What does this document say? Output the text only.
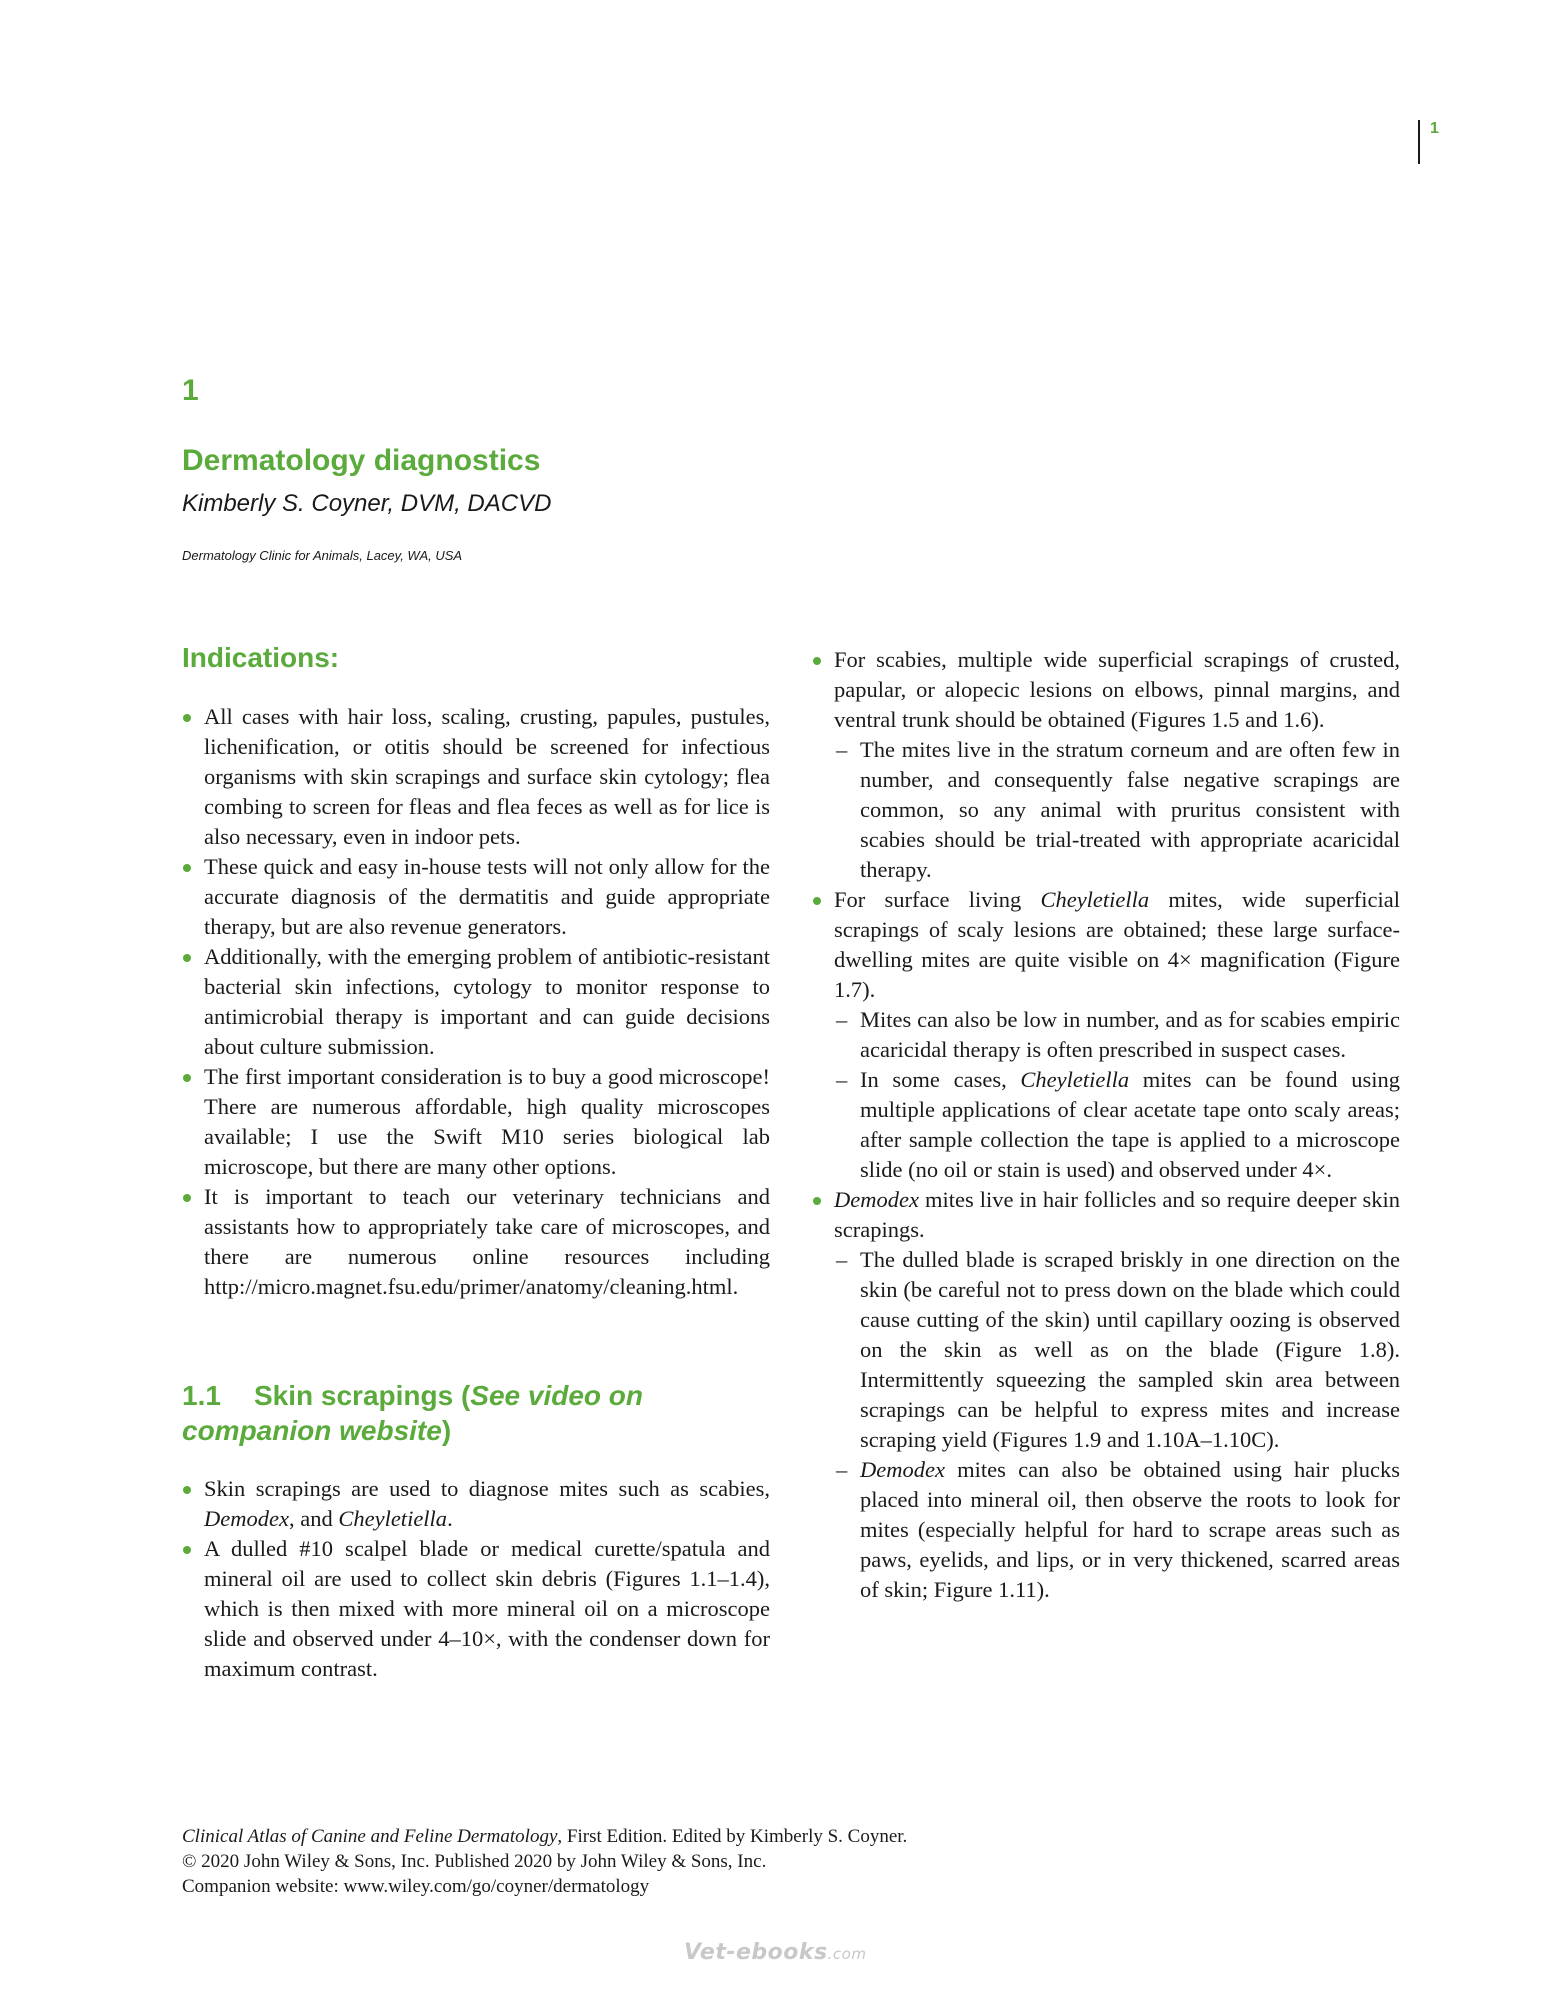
1
1
Dermatology diagnostics
Kimberly S. Coyner, DVM, DACVD
Dermatology Clinic for Animals, Lacey, WA, USA
Indications:
All cases with hair loss, scaling, crusting, papules, pustules, lichenification, or otitis should be screened for infectious organisms with skin scrapings and surface skin cytology; flea combing to screen for fleas and flea feces as well as for lice is also necessary, even in indoor pets.
These quick and easy in-house tests will not only allow for the accurate diagnosis of the dermatitis and guide appropriate therapy, but are also revenue generators.
Additionally, with the emerging problem of antibiotic-resistant bacterial skin infections, cytology to monitor response to antimicrobial therapy is important and can guide decisions about culture submission.
The first important consideration is to buy a good microscope! There are numerous affordable, high quality microscopes available; I use the Swift M10 series biological lab microscope, but there are many other options.
It is important to teach our veterinary technicians and assistants how to appropriately take care of microscopes, and there are numerous online resources including http://micro.magnet.fsu.edu/primer/anatomy/cleaning.html.
1.1 Skin scrapings (See video on companion website)
Skin scrapings are used to diagnose mites such as scabies, Demodex, and Cheyletiella.
A dulled #10 scalpel blade or medical curette/spatula and mineral oil are used to collect skin debris (Figures 1.1–1.4), which is then mixed with more mineral oil on a microscope slide and observed under 4–10×, with the condenser down for maximum contrast.
For scabies, multiple wide superficial scrapings of crusted, papular, or alopecic lesions on elbows, pinnal margins, and ventral trunk should be obtained (Figures 1.5 and 1.6).
– The mites live in the stratum corneum and are often few in number, and consequently false negative scrapings are common, so any animal with pruritus consistent with scabies should be trial-treated with appropriate acaricidal therapy.
For surface living Cheyletiella mites, wide superficial scrapings of scaly lesions are obtained; these large surface-dwelling mites are quite visible on 4× magnification (Figure 1.7).
– Mites can also be low in number, and as for scabies empiric acaricidal therapy is often prescribed in suspect cases.
– In some cases, Cheyletiella mites can be found using multiple applications of clear acetate tape onto scaly areas; after sample collection the tape is applied to a microscope slide (no oil or stain is used) and observed under 4×.
Demodex mites live in hair follicles and so require deeper skin scrapings.
– The dulled blade is scraped briskly in one direction on the skin (be careful not to press down on the blade which could cause cutting of the skin) until capillary oozing is observed on the skin as well as on the blade (Figure 1.8). Intermittently squeezing the sampled skin area between scrapings can be helpful to express mites and increase scraping yield (Figures 1.9 and 1.10A–1.10C).
– Demodex mites can also be obtained using hair plucks placed into mineral oil, then observe the roots to look for mites (especially helpful for hard to scrape areas such as paws, eyelids, and lips, or in very thickened, scarred areas of skin; Figure 1.11).
Clinical Atlas of Canine and Feline Dermatology, First Edition. Edited by Kimberly S. Coyner.
© 2020 John Wiley & Sons, Inc. Published 2020 by John Wiley & Sons, Inc.
Companion website: www.wiley.com/go/coyner/dermatology
Vet-ebooks.com
